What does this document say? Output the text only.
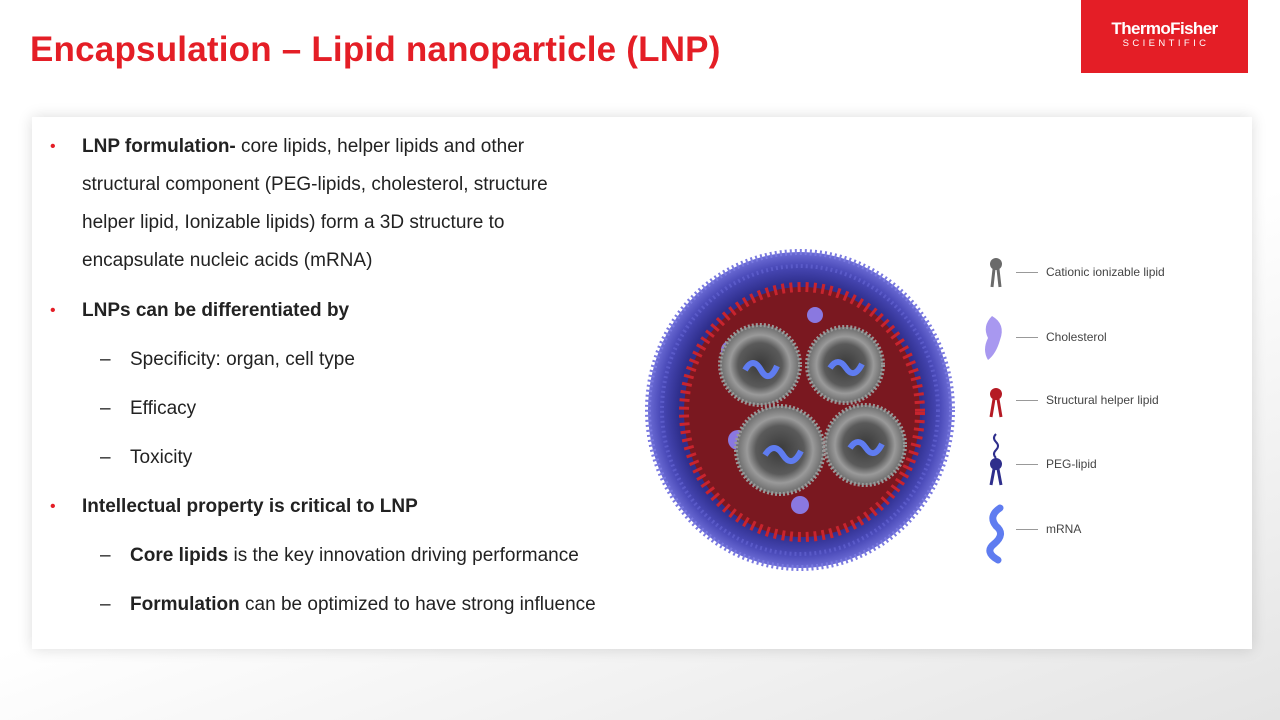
Encapsulation – Lipid nanoparticle (LNP)
ThermoFisher
SCIENTIFIC
• LNP formulation- core lipids, helper lipids and other
structural component (PEG-lipids, cholesterol, structure
helper lipid, Ionizable lipids) form a 3D structure to
encapsulate nucleic acids (mRNA)
• LNPs can be differentiated by
– Specificity: organ, cell type
– Efficacy
– Toxicity
• Intellectual property is critical to LNP
– Core lipids is the key innovation driving performance
– Formulation can be optimized to have strong influence
Cationic ionizable lipid
Cholesterol
Structural helper lipid
PEG-lipid
mRNA
